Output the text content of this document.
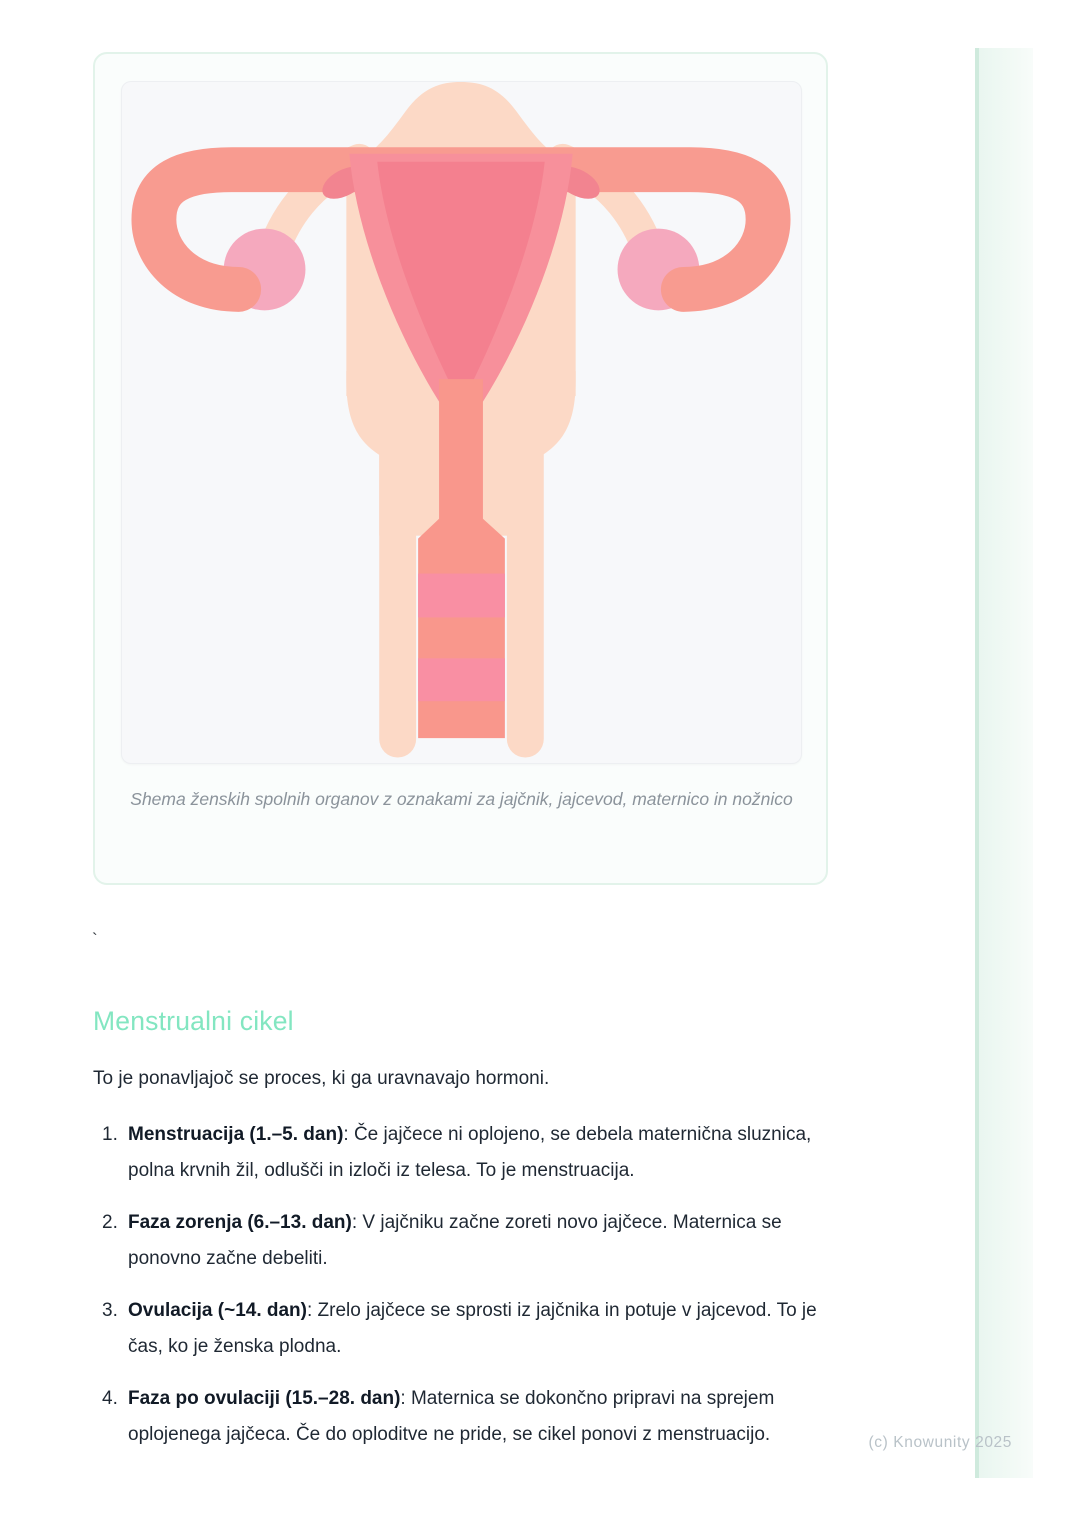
Shema ženskih spolnih organov z oznakami za jajčnik, jajcevod, maternico in nožnico
`
Menstrualni cikel

To je ponavljajoč se proces, ki ga uravnavajo hormoni.

1. Menstruacija (1.–5. dan): Če jajčece ni oplojeno, se debela maternična sluznica, polna krvnih žil, odlušči in izloči iz telesa. To je menstruacija.
2. Faza zorenja (6.–13. dan): V jajčniku začne zoreti novo jajčece. Maternica se ponovno začne debeliti.
3. Ovulacija (~14. dan): Zrelo jajčece se sprosti iz jajčnika in potuje v jajcevod. To je čas, ko je ženska plodna.
4. Faza po ovulaciji (15.–28. dan): Maternica se dokončno pripravi na sprejem oplojenega jajčeca. Če do oploditve ne pride, se cikel ponovi z menstruacijo.	(c) Knowunity 2025
